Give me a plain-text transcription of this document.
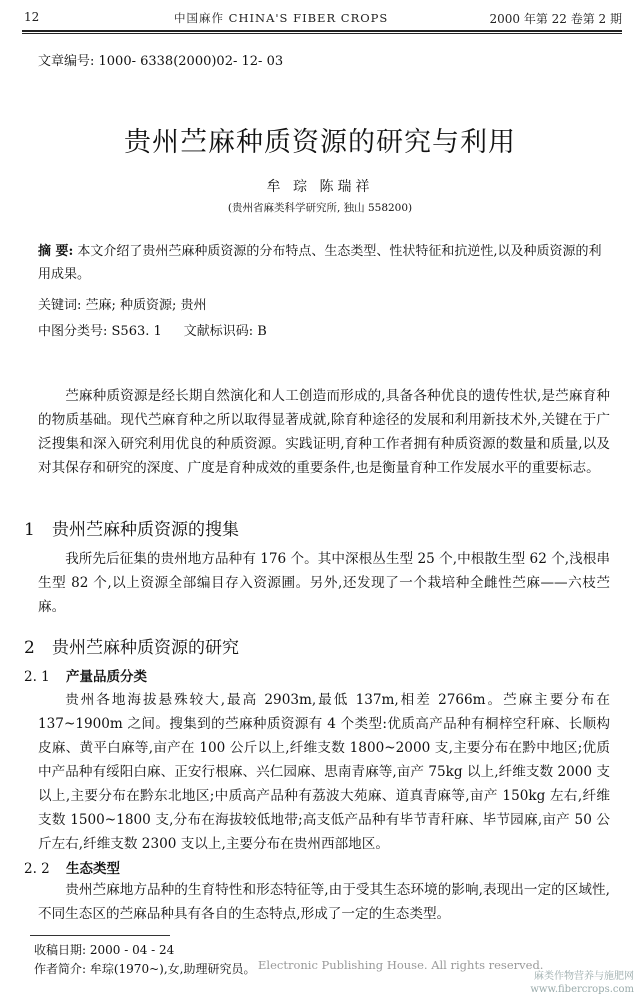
12	中国麻作 CHINA'S FIBER CROPS	2000 年第 22 卷第 2 期
文章编号: 1000- 6338(2000)02- 12- 03
贵州苎麻种质资源的研究与利用
牟 琮 陈瑞祥
(贵州省麻类科学研究所, 独山 558200)
摘 要: 本文介绍了贵州苎麻种质资源的分布特点、生态类型、性状特征和抗逆性,以及种质资源的利用成果。
关键词: 苎麻; 种质资源; 贵州
中图分类号: S563. 1 文献标识码: B
苎麻种质资源是经长期自然演化和人工创造而形成的,具备各种优良的遗传性状,是苎麻育种的物质基础。现代苎麻育种之所以取得显著成就,除育种途径的发展和利用新技术外,关键在于广泛搜集和深入研究利用优良的种质资源。实践证明,育种工作者拥有种质资源的数量和质量,以及对其保存和研究的深度、广度是育种成效的重要条件,也是衡量育种工作发展水平的重要标志。
1 贵州苎麻种质资源的搜集
我所先后征集的贵州地方品种有 176 个。其中深根丛生型 25 个,中根散生型 62 个,浅根串生型 82 个,以上资源全部编目存入资源圃。另外,还发现了一个栽培种全雌性苎麻——六枝苎麻。
2 贵州苎麻种质资源的研究
2. 1 产量品质分类
贵州各地海拔悬殊较大,最高 2903m,最低 137m,相差 2766m。苎麻主要分布在 137~1900m 之间。搜集到的苎麻种质资源有 4 个类型:优质高产品种有桐梓空秆麻、长顺构皮麻、黄平白麻等,亩产在 100 公斤以上,纤维支数 1800~2000 支,主要分布在黔中地区;优质中产品种有绥阳白麻、正安行根麻、兴仁园麻、思南青麻等,亩产 75kg 以上,纤维支数 2000 支以上,主要分布在黔东北地区;中质高产品种有荔波大苑麻、道真青麻等,亩产 150kg 左右,纤维支数 1500~1800 支,分布在海拔较低地带;高支低产品种有毕节青秆麻、毕节园麻,亩产 50 公斤左右,纤维支数 2300 支以上,主要分布在贵州西部地区。
2. 2 生态类型
贵州苎麻地方品种的生育特性和形态特征等,由于受其生态环境的影响,表现出一定的区域性,不同生态区的苎麻品种具有各自的生态特点,形成了一定的生态类型。
收稿日期: 2000 - 04 - 24
作者简介: 牟琮(1970~),女,助理研究员。 Electronic Publishing House. All rights reserved.
麻类作物营养与施肥网
www.fibercrops.com
